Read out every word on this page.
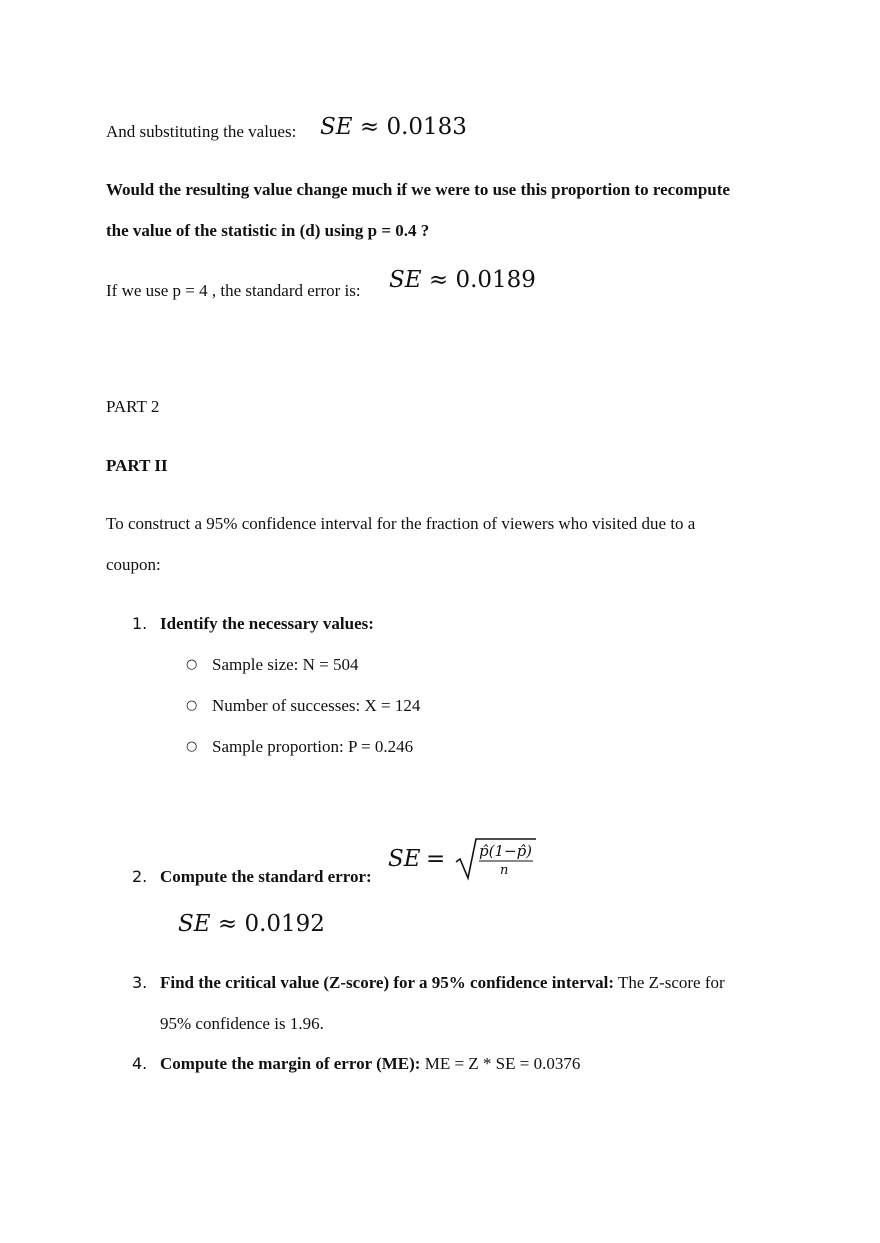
And substituting the values: SE ≈ 0.0183
Would the resulting value change much if we were to use this proportion to recompute
the value of the statistic in (d) using p = 0.4 ?
If we use p = 4 , the standard error is: SE ≈ 0.0189
PART 2
PART II
To construct a 95% confidence interval for the fraction of viewers who visited due to a
coupon:
1. Identify the necessary values:
○ Sample size: N = 504
○ Number of successes: X = 124
○ Sample proportion: P = 0.246
2. Compute the standard error:
SE = p̂(1−p̂)
n
SE ≈ 0.0192
3. Find the critical value (Z-score) for a 95% confidence interval: The Z-score for
95% confidence is 1.96.
4. Compute the margin of error (ME): ME = Z * SE = 0.0376
